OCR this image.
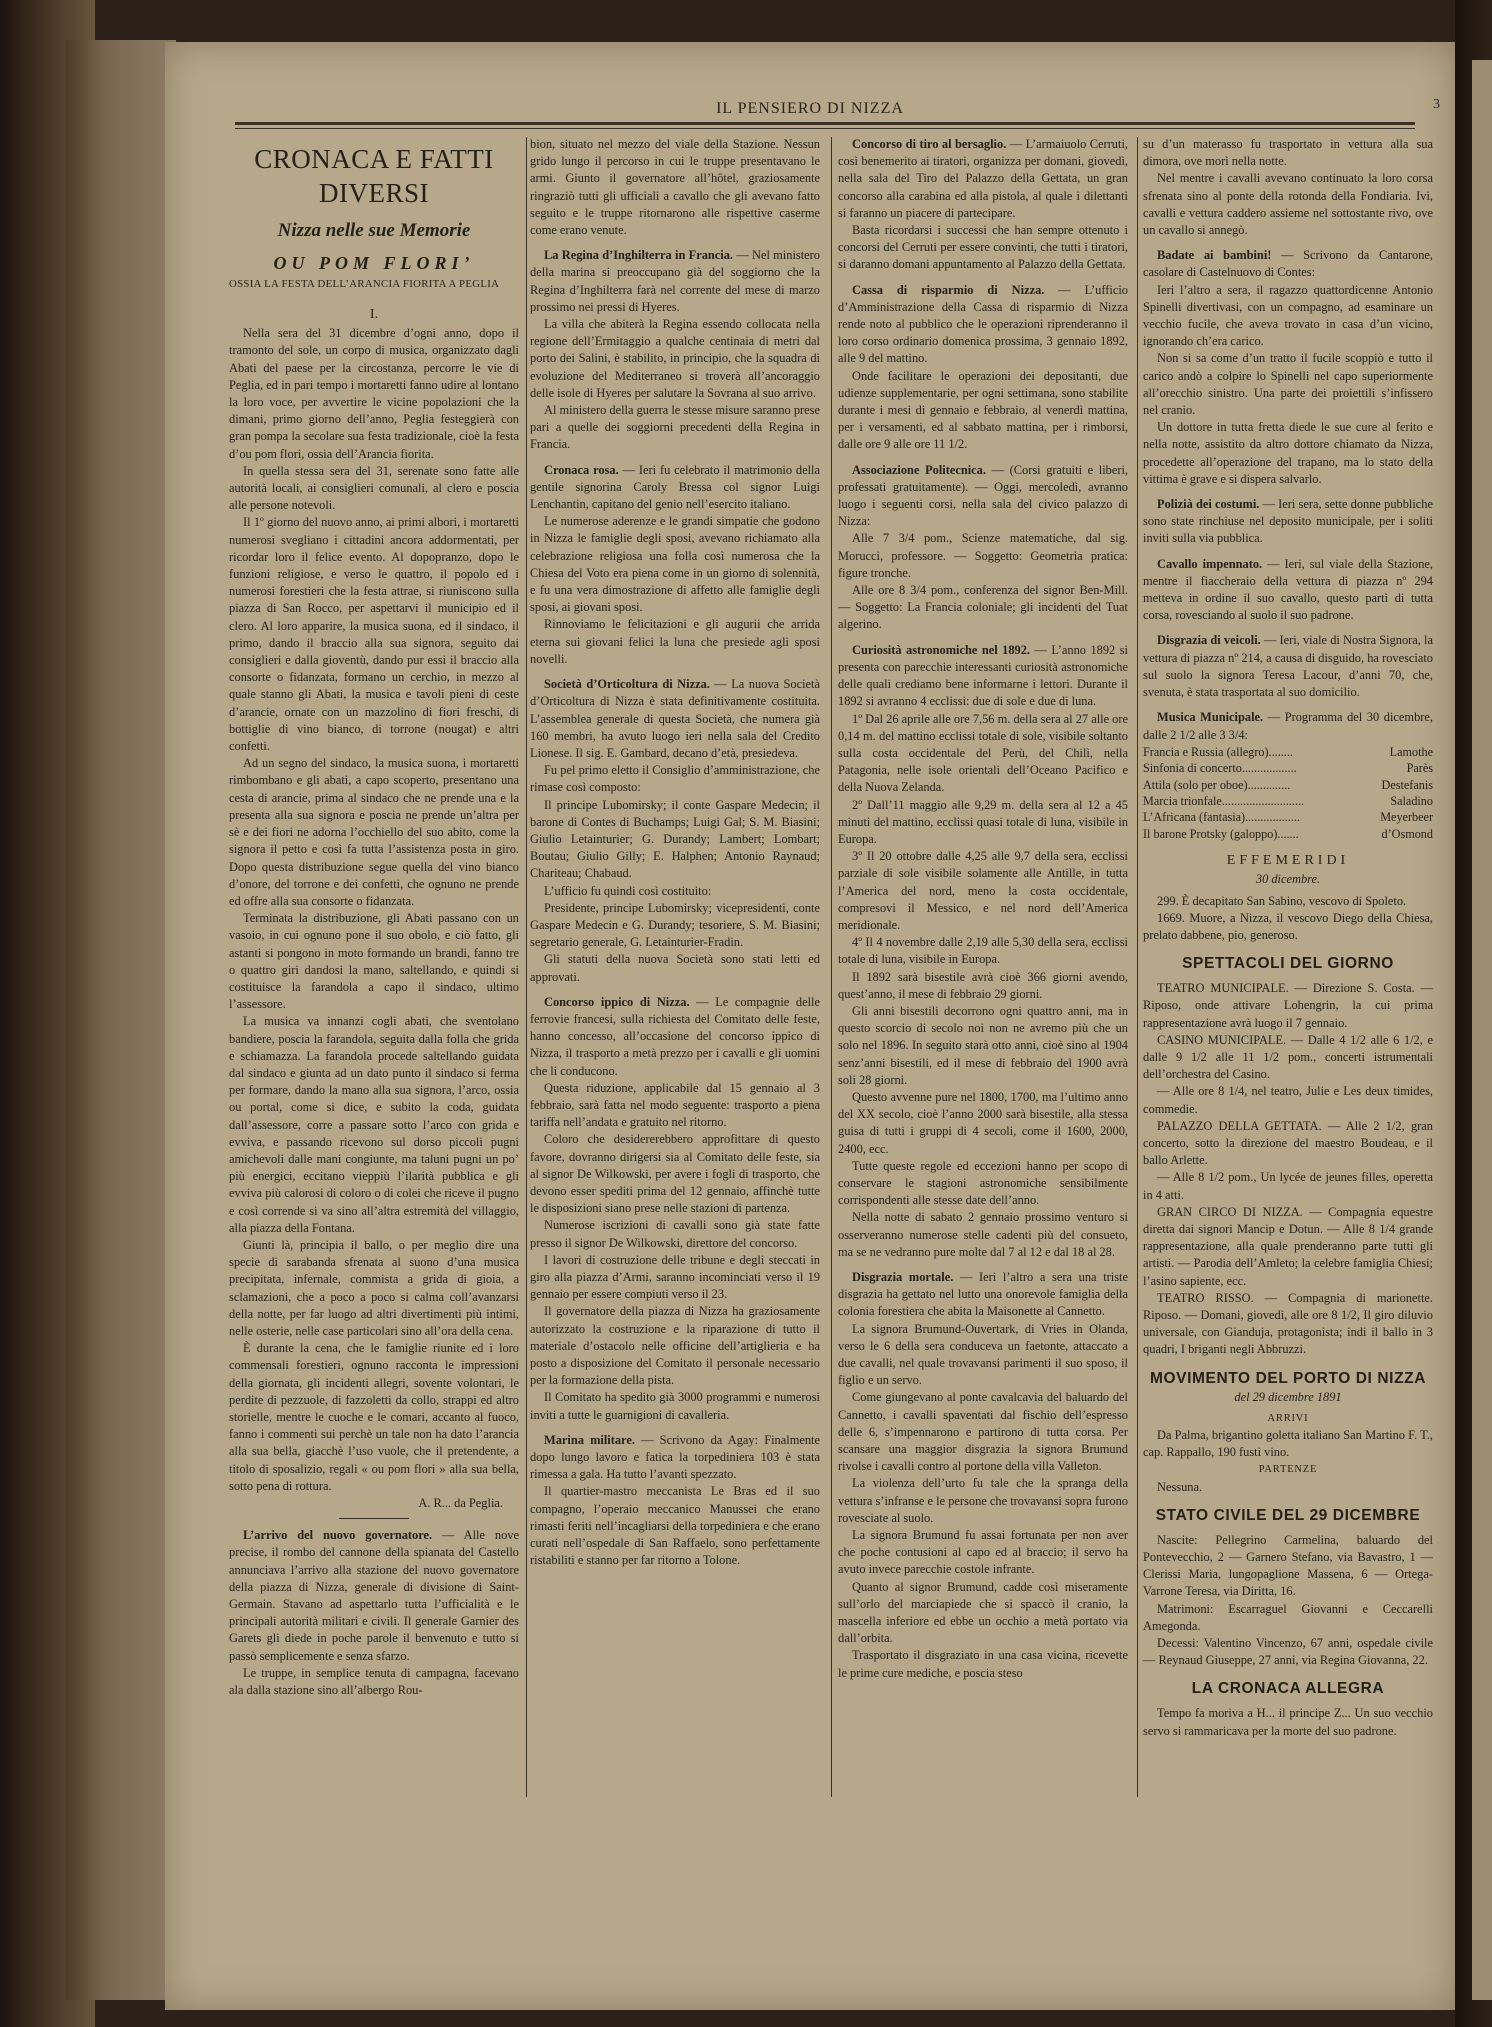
IL PENSIERO DI NIZZA	3
CRONACA E FATTI DIVERSI
Nizza nelle sue Memorie
OU POM FLORI’
OSSIA LA FESTA DELL’ARANCIA FIORITA A PEGLIA
I.

Nella sera del 31 dicembre d’ogni anno, dopo il tramonto del sole, un corpo di musica, organizzato dagli Abati del paese per la circostanza, percorre le vie di Peglia, ed in pari tempo i mortaretti fanno udire al lontano la loro voce, per avvertire le vicine popolazioni che la dimani, primo giorno dell’anno, Peglia festeggierà con gran pompa la secolare sua festa tradizionale, cioè la festa d’ou pom flori, ossia dell’Arancia fiorita.

In quella stessa sera del 31, serenate sono fatte alle autorità locali, ai consiglieri comunali, al clero e poscia alle persone notevoli.

Il 1º giorno del nuovo anno, ai primi albori, i mortaretti numerosi svegliano i cittadini ancora addormentati, per ricordar loro il felice evento. Al dopopranzo, dopo le funzioni religiose, e verso le quattro, il popolo ed i numerosi forestieri che la festa attrae, si riuniscono sulla piazza di San Rocco, per aspettarvi il municipio ed il clero. Al loro apparire, la musica suona, ed il sindaco, il primo, dando il braccio alla sua signora, seguito dai consiglieri e dalla gioventù, dando pur essi il braccio alla consorte o fidanzata, formano un cerchio, in mezzo al quale stanno gli Abati, la musica e tavoli pieni di ceste d’arancie, ornate con un mazzolino di fiori freschi, di bottiglie di vino bianco, di torrone (nougat) e altri confetti.

Ad un segno del sindaco, la musica suona, i mortaretti rimbombano e gli abati, a capo scoperto, presentano una cesta di arancie, prima al sindaco che ne prende una e la presenta alla sua signora e poscia ne prende un’altra per sè e dei fiori ne adorna l’occhiello del suo abito, come la signora il petto e così fa tutta l’assistenza posta in giro. Dopo questa distribuzione segue quella del vino bianco d’onore, del torrone e dei confetti, che ognuno ne prende ed offre alla sua consorte o fidanzata.

Terminata la distribuzione, gli Abati passano con un vasoio, in cui ognuno pone il suo obolo, e ciò fatto, gli astanti si pongono in moto formando un brandi, fanno tre o quattro giri dandosi la mano, saltellando, e quindi si costituisce la farandola a capo il sindaco, ultimo l’assessore.

La musica va innanzi cogli abati, che sventolano bandiere, poscia la farandola, seguita dalla folla che grida e schiamazza. La farandola procede saltellando guidata dal sindaco e giunta ad un dato punto il sindaco si ferma per formare, dando la mano alla sua signora, l’arco, ossia ou portal, come si dice, e subito la coda, guidata dall’assessore, corre a passare sotto l’arco con grida e evviva, e passando ricevono sul dorso piccoli pugni amichevoli dalle mani congiunte, ma taluni pugni un po’ più energici, eccitano vieppiù l’ilarità pubblica e gli evviva più calorosi di coloro o di colei che riceve il pugno e così corrende si va sino all’altra estremità del villaggio, alla piazza della Fontana.

Giunti là, principia il ballo, o per meglio dire una specie di sarabanda sfrenata al suono d’una musica precipitata, infernale, commista a grida di gioia, a sclamazioni, che a poco a poco si calma coll’avanzarsi della notte, per far luogo ad altri divertimenti più intimi, nelle osterie, nelle case particolari sino all’ora della cena.

È durante la cena, che le famiglie riunite ed i loro commensali forestieri, ognuno racconta le impressioni della giornata, gli incidenti allegri, sovente volontari, le perdite di pezzuole, di fazzoletti da collo, strappi ed altro storielle, mentre le cuoche e le comari, accanto al fuoco, fanno i commenti sui perchè un tale non ha dato l’arancia alla sua bella, giacchè l’uso vuole, che il pretendente, a titolo di sposalizio, regali « ou pom flori » alla sua bella, sotto pena di rottura.

A. R... da Peglia.

L’arrivo del nuovo governatore. — Alle nove precise, il rombo del cannone della spianata del Castello annunciava l’arrivo alla stazione del nuovo governatore della piazza di Nizza, generale di divisione di Saint-Germain. Stavano ad aspettarlo tutta l’ufficialità e le principali autorità militari e civili. Il generale Garnier des Garets gli diede in poche parole il benvenuto e tutto si passò semplicemente e senza sfarzo.

Le truppe, in semplice tenuta di campagna, facevano ala dalla stazione sino all’albergo Rou-

bion, situato nel mezzo del viale della Stazione. Nessun grido lungo il percorso in cui le truppe presentavano le armi. Giunto il governatore all’hôtel, graziosamente ringraziò tutti gli ufficiali a cavallo che gli avevano fatto seguito e le truppe ritornarono alle rispettive caserme come erano venute.

La Regina d’Inghilterra in Francia. — Nel ministero della marina si preoccupano già del soggiorno che la Regina d’Inghilterra farà nel corrente del mese di marzo prossimo nei pressi di Hyeres.

La villa che abiterà la Regina essendo collocata nella regione dell’Ermitaggio a qualche centinaia di metri dal porto dei Salini, è stabilito, in principio, che la squadra di evoluzione del Mediterraneo si troverà all’ancoraggio delle isole di Hyeres per salutare la Sovrana al suo arrivo.

Al ministero della guerra le stesse misure saranno prese pari a quelle dei soggiorni precedenti della Regina in Francia.

Cronaca rosa. — Ieri fu celebrato il matrimonio della gentile signorina Caroly Bressa col signor Luigi Lenchantin, capitano del genio nell’esercito italiano.

Le numerose aderenze e le grandi simpatie che godono in Nizza le famiglie degli sposi, avevano richiamato alla celebrazione religiosa una folla così numerosa che la Chiesa del Voto era piena come in un giorno di solennità, e fu una vera dimostrazione di affetto alle famiglie degli sposi, ai giovani sposi.

Rinnoviamo le felicitazioni e gli augurii che arrida eterna sui giovani felici la luna che presiede agli sposi novelli.

Società d’Orticoltura di Nizza. — La nuova Società d’Orticoltura di Nizza è stata definitivamente costituita. L’assemblea generale di questa Società, che numera già 160 membri, ha avuto luogo ieri nella sala del Credito Lionese. Il sig. E. Gambard, decano d’età, presiedeva.

Fu pel primo eletto il Consiglio d’amministrazione, che rimase così composto:

Il principe Lubomirsky; il conte Gaspare Medecin; il barone di Contes di Buchamps; Luigi Gal; S. M. Biasini; Giulio Letainturier; G. Durandy; Lambert; Lombart; Boutau; Giulio Gilly; E. Halphen; Antonio Raynaud; Chariteau; Chabaud.

L’ufficio fu quindi così costituito:

Presidente, principe Lubomirsky; vicepresidenti, conte Gaspare Medecin e G. Durandy; tesoriere, S. M. Biasini; segretario generale, G. Letainturier-Fradin.

Gli statuti della nuova Società sono stati letti ed approvati.

Concorso ippico di Nizza. — Le compagnie delle ferrovie francesi, sulla richiesta del Comitato delle feste, hanno concesso, all’occasione del concorso ippico di Nizza, il trasporto a metà prezzo per i cavalli e gli uomini che li conducono.

Questa riduzione, applicabile dal 15 gennaio al 3 febbraio, sarà fatta nel modo seguente: trasporto a piena tariffa nell’andata e gratuito nel ritorno.

Coloro che desidererebbero approfittare di questo favore, dovranno dirigersi sia al Comitato delle feste, sia al signor De Wilkowski, per avere i fogli di trasporto, che devono esser spediti prima del 12 gennaio, affinchè tutte le disposizioni siano prese nelle stazioni di partenza.

Numerose iscrizioni di cavalli sono già state fatte presso il signor De Wilkowski, direttore del concorso.

I lavori di costruzione delle tribune e degli steccati in giro alla piazza d’Armi, saranno incominciati verso il 19 gennaio per essere compiuti verso il 23.

Il governatore della piazza di Nizza ha graziosamente autorizzato la costruzione e la riparazione di tutto il materiale d’ostacolo nelle officine dell’artiglieria e ha posto a disposizione del Comitato il personale necessario per la formazione della pista.

Il Comitato ha spedito già 3000 programmi e numerosi inviti a tutte le guarnigioni di cavalleria.

Marina militare. — Scrivono da Agay: Finalmente dopo lungo lavoro e fatica la torpediniera 103 è stata rimessa a gala. Ha tutto l’avanti spezzato.

Il quartier-mastro meccanista Le Bras ed il suo compagno, l’operaio meccanico Manussei che erano rimasti feriti nell’incagliarsi della torpediniera e che erano curati nell’ospedale di San Raffaelo, sono perfettamente ristabiliti e stanno per far ritorno a Tolone.

Concorso di tiro al bersaglio. — L’armaiuolo Cerruti, così benemerito ai tiratori, organizza per domani, giovedì, nella sala del Tiro del Palazzo della Gettata, un gran concorso alla carabina ed alla pistola, al quale i dilettanti si faranno un piacere di partecipare.

Basta ricordarsi i successi che han sempre ottenuto i concorsi del Cerruti per essere convinti, che tutti i tiratori, si daranno domani appuntamento al Palazzo della Gettata.

Cassa di risparmio di Nizza. — L’ufficio d’Amministrazione della Cassa di risparmio di Nizza rende noto al pubblico che le operazioni riprenderanno il loro corso ordinario domenica prossima, 3 gennaio 1892, alle 9 del mattino.

Onde facilitare le operazioni dei depositanti, due udienze supplementarie, per ogni settimana, sono stabilite durante i mesi di gennaio e febbraio, al venerdì mattina, per i versamenti, ed al sabbato mattina, per i rimborsi, dalle ore 9 alle ore 11 1/2.

Associazione Politecnica. — (Corsi gratuiti e liberi, professati gratuitamente). — Oggi, mercoledì, avranno luogo i seguenti corsi, nella sala del civico palazzo di Nizza:

Alle 7 3/4 pom., Scienze matematiche, dal sig. Morucci, professore. — Soggetto: Geometria pratica: figure tronche.

Alle ore 8 3/4 pom., conferenza del signor Ben-Mill. — Soggetto: La Francia coloniale; gli incidenti del Tuat algerino.

Curiosità astronomiche nel 1892. — L’anno 1892 si presenta con parecchie interessanti curiosità astronomiche delle quali crediamo bene informarne i lettori. Durante il 1892 si avranno 4 ecclissi: due di sole e due di luna.

1º Dal 26 aprile alle ore 7,56 m. della sera al 27 alle ore 0,14 m. del mattino ecclissi totale di sole, visibile soltanto sulla costa occidentale del Perù, del Chilì, nella Patagonia, nelle isole orientali dell’Oceano Pacifico e della Nuova Zelanda.

2º Dall’11 maggio alle 9,29 m. della sera al 12 a 45 minuti del mattino, ecclissi quasi totale di luna, visibile in Europa.

3º Il 20 ottobre dalle 4,25 alle 9,7 della sera, ecclissi parziale di sole visibile solamente alle Antille, in tutta l’America del nord, meno la costa occidentale, compresovi il Messico, e nel nord dell’America meridionale.

4º Il 4 novembre dalle 2,19 alle 5,30 della sera, ecclissi totale di luna, visibile in Europa.

Il 1892 sarà bisestile avrà cioè 366 giorni avendo, quest’anno, il mese di febbraio 29 giorni.

Gli anni bisestili decorrono ogni quattro anni, ma in questo scorcio di secolo noi non ne avremo più che un solo nel 1896. In seguito starà otto anni, cioè sino al 1904 senz’anni bisestili, ed il mese di febbraio del 1900 avrà soli 28 giorni.

Questo avvenne pure nel 1800, 1700, ma l’ultimo anno del XX secolo, cioè l’anno 2000 sarà bisestile, alla stessa guisa di tutti i gruppi di 4 secoli, come il 1600, 2000, 2400, ecc.

Tutte queste regole ed eccezioni hanno per scopo di conservare le stagioni astronomiche sensibilmente corrispondenti alle stesse date dell’anno.

Nella notte di sabato 2 gennaio prossimo venturo si osserveranno numerose stelle cadenti più del consueto, ma se ne vedranno pure molte dal 7 al 12 e dal 18 al 28.

Disgrazia mortale. — Ieri l’altro a sera una triste disgrazia ha gettato nel lutto una onorevole famiglia della colonia forestiera che abita la Maisonette al Cannetto.

La signora Brumund-Ouvertark, di Vries in Olanda, verso le 6 della sera conduceva un faetonte, attaccato a due cavalli, nel quale trovavansi parimenti il suo sposo, il figlio e un servo.

Come giungevano al ponte cavalcavia del baluardo del Cannetto, i cavalli spaventati dal fischio dell’espresso delle 6, s’impennarono e partirono di tutta corsa. Per scansare una maggior disgrazia la signora Brumund rivolse i cavalli contro al portone della villa Valleton.

La violenza dell’urto fu tale che la spranga della vettura s’infranse e le persone che trovavansi sopra furono rovesciate al suolo.

La signora Brumund fu assai fortunata per non aver che poche contusioni al capo ed al braccio; il servo ha avuto invece parecchie costole infrante.

Quanto al signor Brumund, cadde così miseramente sull’orlo del marciapiede che si spaccò il cranio, la mascella inferiore ed ebbe un occhio a metà portato via dall’orbita.

Trasportato il disgraziato in una casa vicina, ricevette le prime cure mediche, e poscia steso

su d’un materasso fu trasportato in vettura alla sua dimora, ove morì nella notte.

Nel mentre i cavalli avevano continuato la loro corsa sfrenata sino al ponte della rotonda della Fondiaria. Ivi, cavalli e vettura caddero assieme nel sottostante rivo, ove un cavallo si annegò.

Badate ai bambini! — Scrivono da Cantarone, casolare di Castelnuovo di Contes:

Ieri l’altro a sera, il ragazzo quattordicenne Antonio Spinelli divertivasi, con un compagno, ad esaminare un vecchio fucile, che aveva trovato in casa d’un vicino, ignorando ch’era carico.

Non si sa come d’un tratto il fucile scoppiò e tutto il carico andò a colpire lo Spinelli nel capo superiormente all’orecchio sinistro. Una parte dei proiettili s’infissero nel cranio.

Un dottore in tutta fretta diede le sue cure al ferito e nella notte, assistito da altro dottore chiamato da Nizza, procedette all’operazione del trapano, ma lo stato della vittima è grave e si dispera salvarlo.

Polizià dei costumi. — Ieri sera, sette donne pubbliche sono state rinchiuse nel deposito municipale, per i soliti inviti sulla via pubblica.

Cavallo impennato. — Ieri, sul viale della Stazione, mentre il fiaccheraio della vettura di piazza nº 294 metteva in ordine il suo cavallo, questo partì di tutta corsa, rovesciando al suolo il suo padrone.

Disgrazia di veicoli. — Ieri, viale di Nostra Signora, la vettura di piazza nº 214, a causa di disguido, ha rovesciato sul suolo la signora Teresa Lacour, d’anni 70, che, svenuta, è stata trasportata al suo domicilio.

Musica Municipale. — Programma del 30 dicembre, dalle 2 1/2 alle 3 3/4:

Francia e Russia (allegro)........	Lamothe
Sinfonia di concerto..................	Parès
Attila (solo per oboe)..............	Destefanis
Marcia trionfale...........................	Saladino
L’Africana (fantasia)..................	Meyerbeer
Il barone Protsky (galoppo).......	d’Osmond
EFFEMERIDI
30 dicembre.

299. È decapitato San Sabino, vescovo di Spoleto.

1669. Muore, a Nizza, il vescovo Diego della Chiesa, prelato dabbene, pio, generoso.

SPETTACOLI DEL GIORNO

TEATRO MUNICIPALE. — Direzione S. Costa. — Riposo, onde attivare Lohengrin, la cui prima rappresentazione avrà luogo il 7 gennaio.

CASINO MUNICIPALE. — Dalle 4 1/2 alle 6 1/2, e dalle 9 1/2 alle 11 1/2 pom., concerti istrumentali dell’orchestra del Casino.

— Alle ore 8 1/4, nel teatro, Julie e Les deux timides, commedie.

PALAZZO DELLA GETTATA. — Alle 2 1/2, gran concerto, sotto la direzione del maestro Boudeau, e il ballo Arlette.

— Alle 8 1/2 pom., Un lycée de jeunes filles, operetta in 4 atti.

GRAN CIRCO DI NIZZA. — Compagnia equestre diretta dai signori Mancip e Dotun. — Alle 8 1/4 grande rappresentazione, alla quale prenderanno parte tutti gli artisti. — Parodia dell’Amleto; la celebre famiglia Chiesi; l’asino sapiente, ecc.

TEATRO RISSO. — Compagnia di marionette. Riposo. — Domani, giovedì, alle ore 8 1/2, Il giro diluvio universale, con Gianduja, protagonista; indi il ballo in 3 quadri, I briganti negli Abbruzzi.

MOVIMENTO DEL PORTO DI NIZZA
del 29 dicembre 1891
ARRIVI

Da Palma, brigantino goletta italiano San Martino F. T., cap. Rappallo, 190 fusti vino.

PARTENZE

Nessuna.

STATO CIVILE DEL 29 DICEMBRE

Nascite: Pellegrino Carmelina, baluardo del Pontevecchio, 2 — Garnero Stefano, via Bavastro, 1 — Clerissi Maria, lungopaglione Massena, 6 — Ortega-Varrone Teresa, via Diritta, 16.

Matrimoni: Escarraguel Giovanni e Ceccarelli Amegonda.

Decessi: Valentino Vincenzo, 67 anni, ospedale civile — Reynaud Giuseppe, 27 anni, via Regina Giovanna, 22.

LA CRONACA ALLEGRA

Tempo fa moriva a H... il principe Z... Un suo vecchio servo si rammaricava per la morte del suo padrone.
